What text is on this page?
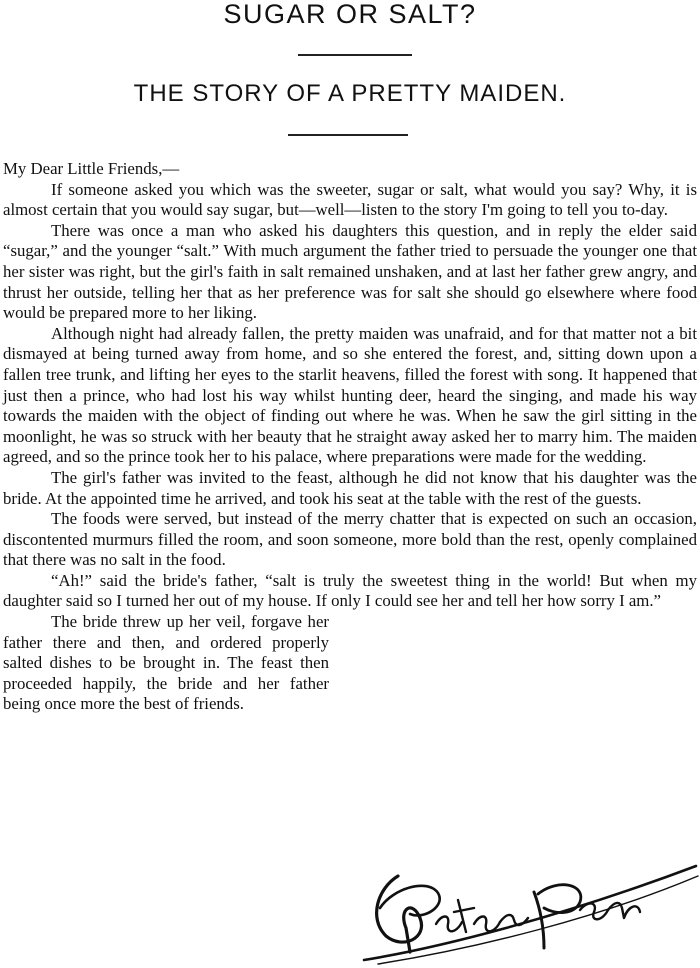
SUGAR OR SALT?
THE STORY OF A PRETTY MAIDEN.

My Dear Little Friends,—

If someone asked you which was the sweeter, sugar or salt, what would you say? Why, it is almost certain that you would say sugar, but—well—listen to the story I'm going to tell you to-day.

There was once a man who asked his daughters this question, and in reply the elder said “sugar,” and the younger “salt.” With much argument the father tried to persuade the younger one that her sister was right, but the girl's faith in salt remained unshaken, and at last her father grew angry, and thrust her outside, telling her that as her preference was for salt she should go elsewhere where food would be prepared more to her liking.

Although night had already fallen, the pretty maiden was unafraid, and for that matter not a bit dismayed at being turned away from home, and so she entered the forest, and, sitting down upon a fallen tree trunk, and lifting her eyes to the starlit heavens, filled the forest with song. It happened that just then a prince, who had lost his way whilst hunting deer, heard the singing, and made his way towards the maiden with the object of finding out where he was. When he saw the girl sitting in the moonlight, he was so struck with her beauty that he straight away asked her to marry him. The maiden agreed, and so the prince took her to his palace, where preparations were made for the wedding.

The girl's father was invited to the feast, although he did not know that his daughter was the bride. At the appointed time he arrived, and took his seat at the table with the rest of the guests.

The foods were served, but instead of the merry chatter that is expected on such an occasion, discontented murmurs filled the room, and soon someone, more bold than the rest, openly complained that there was no salt in the food.

“Ah!” said the bride's father, “salt is truly the sweetest thing in the world! But when my daughter said so I turned her out of my house. If only I could see her and tell her how sorry I am.”

The bride threw up her veil, forgave her father there and then, and ordered properly salted dishes to be brought in. The feast then proceeded happily, the bride and her father being once more the best of friends.
